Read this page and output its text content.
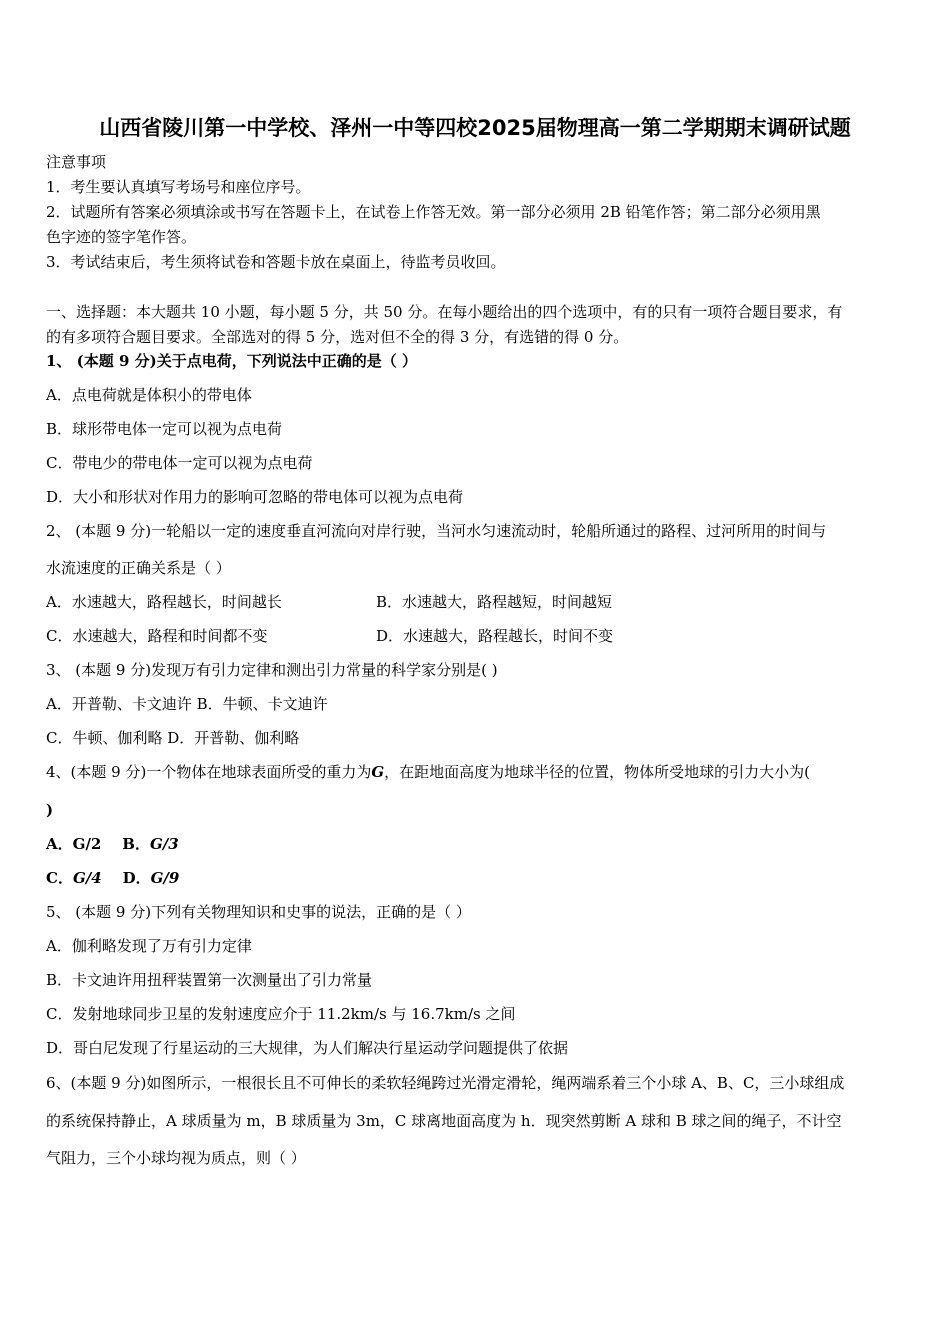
山西省陵川第一中学校、泽州一中等四校2025届物理高一第二学期期末调研试题
注意事项
1．考生要认真填写考场号和座位序号。
2．试题所有答案必须填涂或书写在答题卡上，在试卷上作答无效。第一部分必须用 2B 铅笔作答；第二部分必须用黑
色字迹的签字笔作答。
3．考试结束后，考生须将试卷和答题卡放在桌面上，待监考员收回。
一、选择题：本大题共 10 小题，每小题 5 分，共 50 分。在每小题给出的四个选项中，有的只有一项符合题目要求，有
的有多项符合题目要求。全部选对的得 5 分，选对但不全的得 3 分，有选错的得 0 分。
1、 (本题 9 分)关于点电荷，下列说法中正确的是（ ）
A．点电荷就是体积小的带电体
B．球形带电体一定可以视为点电荷
C．带电少的带电体一定可以视为点电荷
D．大小和形状对作用力的影响可忽略的带电体可以视为点电荷
2、 (本题 9 分)一轮船以一定的速度垂直河流向对岸行驶，当河水匀速流动时，轮船所通过的路程、过河所用的时间与
水流速度的正确关系是（ ）
A．水速越大，路程越长，时间越长	B．水速越大，路程越短，时间越短
C．水速越大，路程和时间都不变	D．水速越大，路程越长，时间不变
3、 (本题 9 分)发现万有引力定律和测出引力常量的科学家分别是( )
A．开普勒、卡文迪许 B．牛顿、卡文迪许
C．牛顿、伽利略 D．开普勒、伽利略
4、(本题 9 分)一个物体在地球表面所受的重力为G，在距地面高度为地球半径的位置，物体所受地球的引力大小为(
)
A．G/2 B．G/3
C．G/4 D．G/9
5、 (本题 9 分)下列有关物理知识和史事的说法，正确的是（ ）
A．伽利略发现了万有引力定律
B．卡文迪许用扭秤装置第一次测量出了引力常量
C．发射地球同步卫星的发射速度应介于 11.2km/s 与 16.7km/s 之间
D．哥白尼发现了行星运动的三大规律，为人们解决行星运动学问题提供了依据
6、(本题 9 分)如图所示，一根很长且不可伸长的柔软轻绳跨过光滑定滑轮，绳两端系着三个小球 A、B、C，三小球组成
的系统保持静止，A 球质量为 m，B 球质量为 3m，C 球离地面高度为 h．现突然剪断 A 球和 B 球之间的绳子，不计空
气阻力，三个小球均视为质点，则（ ）
